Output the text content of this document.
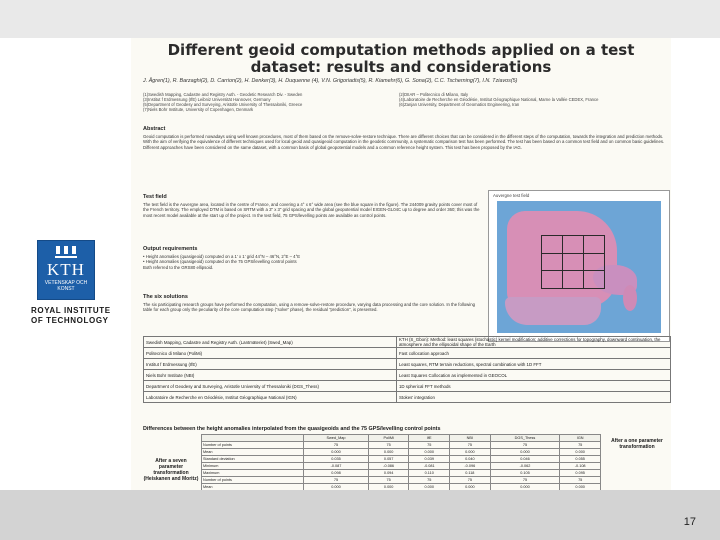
KTH
VETENSKAP OCH KONST
ROYAL INSTITUTE OF TECHNOLOGY
Different geoid computation methods applied on a test dataset: results and considerations
J. Ågren(1), R. Barzaghi(2), D. Carrion(2), H. Denker(3), H. Duquenne (4), V.N. Grigoriadis(5), R. Kiamehr(6), G. Sona(2), C.C. Tscherning(7), I.N. Tziavos(5)
(1)Swedish Mapping, Cadastre and Registry Auth. - Geodetic Research Div. - Sweden
(3)Institut f Erdmessung (IfE) Leibniz Universität Hannover, Germany
(5)Department of Geodesy and Surveying, Aristotle University of Thessaloniki, Greece
(7)Niels Bohr Institute, University of Copenhagen, Denmark
(2)DIIAR – Politecnico di Milano, Italy
(4)Laboratoire de Recherche en Géodésie, Institut Géographique National, Marne la Vallée CEDEX, France
(6)Zanjan University, Department of Geomatics Engineering, Iran
Abstract
Geoid computation is performed nowadays using well known procedures, most of them based on the remove-solve-restore technique. There are different choices that can be considered in the different steps of the computation, towards the integration and prediction methods. With the aim of verifying the equivalence of different techniques used for local geoid and quasigeoid computation in the geodetic community, a systematic comparison test has been performed. The test has been based on a common test field and on common basic guidelines. Different approaches have been considered on the same dataset, with a common basis of global geopotential models and a common reference height system. This test has been proposed by the IAG.
Test field
The test field is the Auvergne area, located in the centre of France, and covering a 4° x 6° wide area (see the blue square in the figure). The 244009 gravity points cover most of the French territory. The employed DTM is based on SRTM with a 3" x 3" grid spacing and the global geopotential model EIGEN-GL04C up to degree and order 360; this was the most recent model available at the start up of the project. In the test field, 75 GPS/levelling points are available as control points.
Output requirements
• Height anomalies (quasigeoid) computed on a 1' x 1' grid 44°N – 46°N, 2°E – 4°E
• Height anomalies (quasigeoid) computed on the 75 GPS/levelling control points
Both referred to the GRS80 ellipsoid.
The six solutions
The six participating research groups have performed the computation, using a remove-solve-restore procedure, varying data processing and the core solution. In the following table for each group only the peculiarity of the core computation step (“solve” phase), the residual “prediction”, is presented.
Auvergne test field
Swedish Mapping, Cadastre and Registry Auth. (Lantmäteriet) (Swed_Map)	KTH (S_Gbon): Method: least squares (stochastic) kernel modification; additive corrections for topography, downward continuation, the atmosphere and the ellipsoidal shape of the Earth
Politecnico di Milano (PoliMi)	Fast collocation approach
Institut f Erdmessung (IfE)	Least squares, RTM terrain reductions, spectral combination with 1D FFT
Niels Bohr Institute (NBI)	Least Squares Collocation as implemented in GEOCOL
Department of Geodesy and Surveying, Aristotle University of Thessaloniki (DGS_Thess)	1D spherical FFT methods
Laboratoire de Recherche en Géodésie, Institut Géographique National (IGN)	Stokes' integration
Differences between the height anomalies interpolated from the quasigeoids and the 75 GPS/levelling control points
	Swed_Map	PoliMi	IfE	NBI	DGS_Thess	IGN
Number of points	75	75	75	75	75	75
Mean	0.000	0.000	0.000	0.000	0.000	0.000
Standard deviation	0.035	0.057	0.039	0.040	0.046	0.055
Minimum	-0.087	-0.086	-0.081	-0.096	-0.062	-0.108
Maximum	0.098	0.094	0.110	0.118	0.105	0.095
Number of points	75	75	75	75	75	75
Mean	0.000	0.000	0.000	0.000	0.000	0.000

After a seven parameter transformation (Heiskanen and Moritz)
After a one parameter transformation
17
